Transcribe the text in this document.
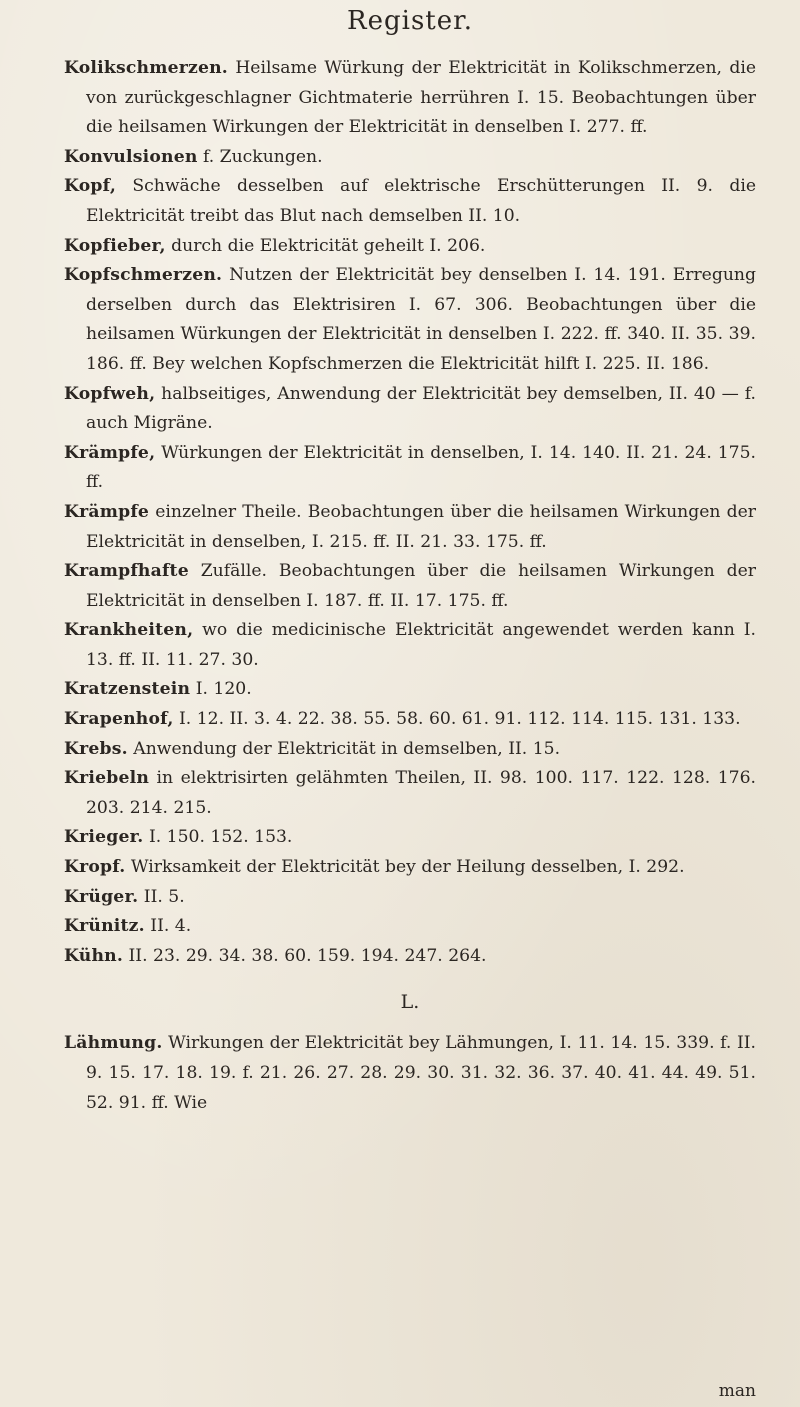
Register.

Kolikschmerzen. Heilsame Würkung der Elektricität in Kolikschmerzen, die von zurückgeschlagner Gichtmaterie herrühren I. 15. Beobachtungen über die heilsamen Wirkungen der Elektricität in denselben I. 277. ff.

Konvulsionen f. Zuckungen.

Kopf, Schwäche desselben auf elektrische Erschütterungen II. 9. die Elektricität treibt das Blut nach demselben II. 10.

Kopfieber, durch die Elektricität geheilt I. 206.

Kopfschmerzen. Nutzen der Elektricität bey denselben I. 14. 191. Erregung derselben durch das Elektrisiren I. 67. 306. Beobachtungen über die heilsamen Würkungen der Elektricität in denselben I. 222. ff. 340. II. 35. 39. 186. ff. Bey welchen Kopfschmerzen die Elektricität hilft I. 225. II. 186.

Kopfweh, halbseitiges, Anwendung der Elektricität bey demselben, II. 40 — f. auch Migräne.

Krämpfe, Würkungen der Elektricität in denselben, I. 14. 140. II. 21. 24. 175. ff.

Krämpfe einzelner Theile. Beobachtungen über die heilsamen Wirkungen der Elektricität in denselben, I. 215. ff. II. 21. 33. 175. ff.

Krampfhafte Zufälle. Beobachtungen über die heilsamen Wirkungen der Elektricität in denselben I. 187. ff. II. 17. 175. ff.

Krankheiten, wo die medicinische Elektricität angewendet werden kann I. 13. ff. II. 11. 27. 30.

Kratzenstein I. 120.

Krapenhof, I. 12. II. 3. 4. 22. 38. 55. 58. 60. 61. 91. 112. 114. 115. 131. 133.

Krebs. Anwendung der Elektricität in demselben, II. 15.

Kriebeln in elektrisirten gelähmten Theilen, II. 98. 100. 117. 122. 128. 176. 203. 214. 215.

Krieger. I. 150. 152. 153.

Kropf. Wirksamkeit der Elektricität bey der Heilung desselben, I. 292.

Krüger. II. 5.

Krünitz. II. 4.

Kühn. II. 23. 29. 34. 38. 60. 159. 194. 247. 264.

L.

Lähmung. Wirkungen der Elektricität bey Lähmungen, I. 11. 14. 15. 339. f. II. 9. 15. 17. 18. 19. f. 21. 26. 27. 28. 29. 30. 31. 32. 36. 37. 40. 41. 44. 49. 51. 52. 91. ff. Wie

man
